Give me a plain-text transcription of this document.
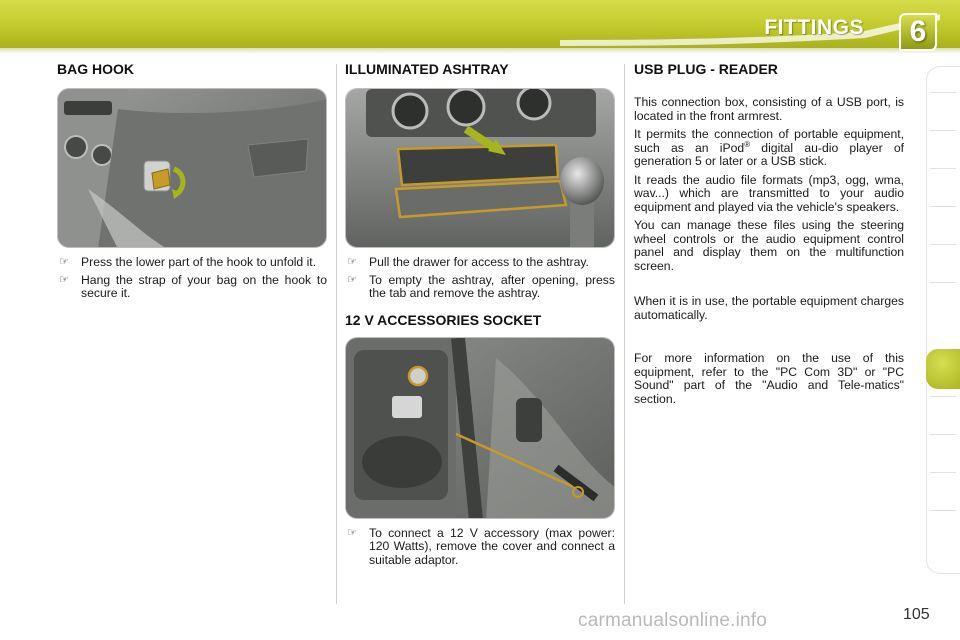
FITTINGS	6
BAG HOOK
☞ Press the lower part of the hook to unfold it.
☞ Hang the strap of your bag on the hook to secure it.
ILLUMINATED ASHTRAY
☞ Pull the drawer for access to the ashtray.
☞ To empty the ashtray, after opening, press the tab and remove the ashtray.
12 V ACCESSORIES SOCKET
☞ To connect a 12 V accessory (max power: 120 Watts), remove the cover and connect a suitable adaptor.
USB PLUG - READER

This connection box, consisting of a USB port, is located in the front armrest.

It permits the connection of portable equipment, such as an iPod® digital au-dio player of generation 5 or later or a USB stick.

It reads the audio file formats (mp3, ogg, wma, wav...) which are transmitted to your audio equipment and played via the vehicle's speakers.

You can manage these files using the steering wheel controls or the audio equipment control panel and display them on the multifunction screen.

When it is in use, the portable equipment charges automatically.

For more information on the use of this equipment, refer to the "PC Com 3D" or "PC Sound" part of the "Audio and Tele-matics" section.

carmanualsonline.info	105
